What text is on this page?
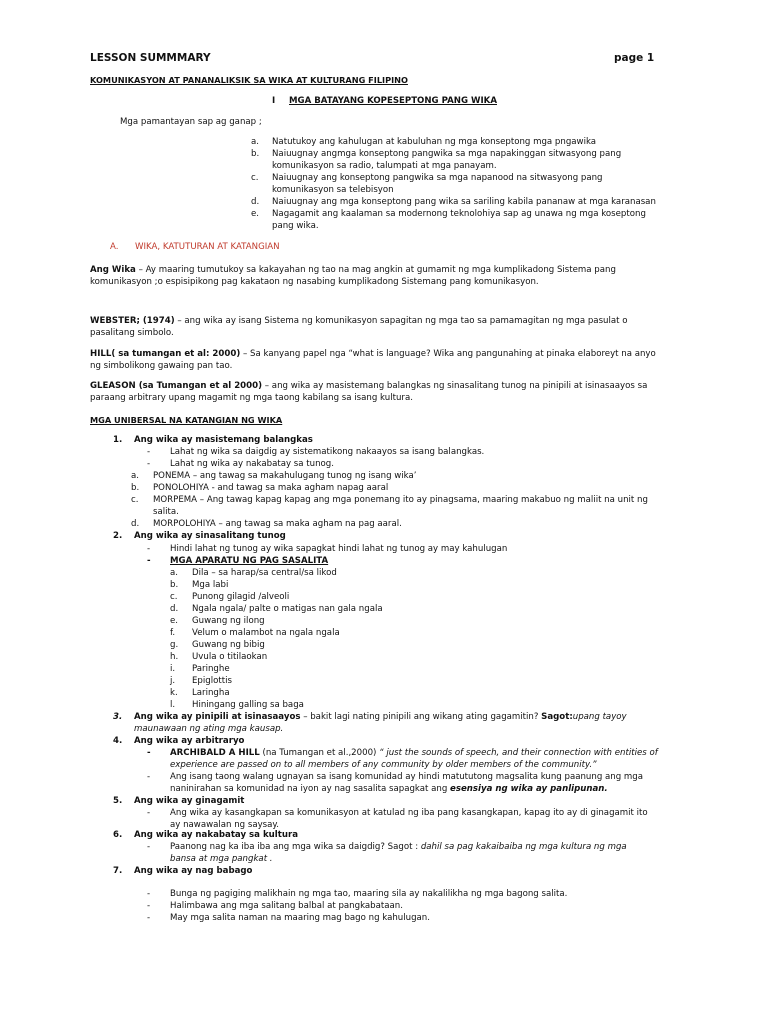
LESSON SUMMMARY	page 1
KOMUNIKASYON AT PANANALIKSIK SA WIKA AT KULTURANG FILIPINO
I MGA BATAYANG KOPESEPTONG PANG WIKA
Mga pamantayan sap ag ganap ;
a. Natutukoy ang kahulugan at kabuluhan ng mga konseptong mga pngawika
b. Naiuugnay angmga konseptong pangwika sa mga napakinggan sitwasyong pang
komunikasyon sa radio, talumpati at mga panayam.
c. Naiuugnay ang konseptong pangwika sa mga napanood na sitwasyong pang
komunikasyon sa telebisyon
d. Naiuugnay ang mga konseptong pang wika sa sariling kabila pananaw at mga karanasan
e. Nagagamit ang kaalaman sa modernong teknolohiya sap ag unawa ng mga koseptong
pang wika.
A. WIKA, KATUTURAN AT KATANGIAN
Ang Wika – Ay maaring tumutukoy sa kakayahan ng tao na mag angkin at gumamit ng mga kumplikadong Sistema pang
komunikasyon ;o espisipikong pag kakataon ng nasabing kumplikadong Sistemang pang komunikasyon.
WEBSTER; (1974) – ang wika ay isang Sistema ng komunikasyon sapagitan ng mga tao sa pamamagitan ng mga pasulat o
pasalitang simbolo.
HILL( sa tumangan et al: 2000) – Sa kanyang papel nga “what is language? Wika ang pangunahing at pinaka elaboreyt na anyo
ng simbolikong gawaing pan tao.
GLEASON (sa Tumangan et al 2000) – ang wika ay masistemang balangkas ng sinasalitang tunog na pinipili at isinasaayos sa
paraang arbitrary upang magamit ng mga taong kabilang sa isang kultura.
MGA UNIBERSAL NA KATANGIAN NG WIKA
1. Ang wika ay masistemang balangkas
- Lahat ng wika sa daigdig ay sistematikong nakaayos sa isang balangkas.
- Lahat ng wika ay nakabatay sa tunog.
a. PONEMA – ang tawag sa makahulugang tunog ng isang wika’
b. PONOLOHIYA - and tawag sa maka agham napag aaral
c. MORPEMA – Ang tawag kapag kapag ang mga ponemang ito ay pinagsama, maaring makabuo ng maliit na unit ng
salita.
d. MORPOLOHIYA – ang tawag sa maka agham na pag aaral.
2. Ang wika ay sinasalitang tunog
- Hindi lahat ng tunog ay wika sapagkat hindi lahat ng tunog ay may kahulugan
- MGA APARATU NG PAG SASALITA
a. Dila – sa harap/sa central/sa likod
b. Mga labi
c. Punong gilagid /alveoli
d. Ngala ngala/ palte o matigas nan gala ngala
e. Guwang ng ilong
f. Velum o malambot na ngala ngala
g. Guwang ng bibig
h. Uvula o titilaokan
i. Paringhe
j. Epiglottis
k. Laringha
l. Hiningang galling sa baga
3. Ang wika ay pinipili at isinasaayos – bakit lagi nating pinipili ang wikang ating gagamitin? Sagot:upang tayoy
maunawaan ng ating mga kausap.
4. Ang wika ay arbitraryo
- ARCHIBALD A HILL (na Tumangan et al.,2000) “ just the sounds of speech, and their connection with entities of
experience are passed on to all members of any community by older members of the community.”
- Ang isang taong walang ugnayan sa isang komunidad ay hindi matututong magsalita kung paanung ang mga
naninirahan sa komunidad na iyon ay nag sasalita sapagkat ang esensiya ng wika ay panlipunan.
5. Ang wika ay ginagamit
- Ang wika ay kasangkapan sa komunikasyon at katulad ng iba pang kasangkapan, kapag ito ay di ginagamit ito
ay nawawalan ng saysay.
6. Ang wika ay nakabatay sa kultura
- Paanong nag ka iba iba ang mga wika sa daigdig? Sagot : dahil sa pag kakaibaiba ng mga kultura ng mga
bansa at mga pangkat .
7. Ang wika ay nag babago
- Bunga ng pagiging malikhain ng mga tao, maaring sila ay nakalilikha ng mga bagong salita.
- Halimbawa ang mga salitang balbal at pangkabataan.
- May mga salita naman na maaring mag bago ng kahulugan.
